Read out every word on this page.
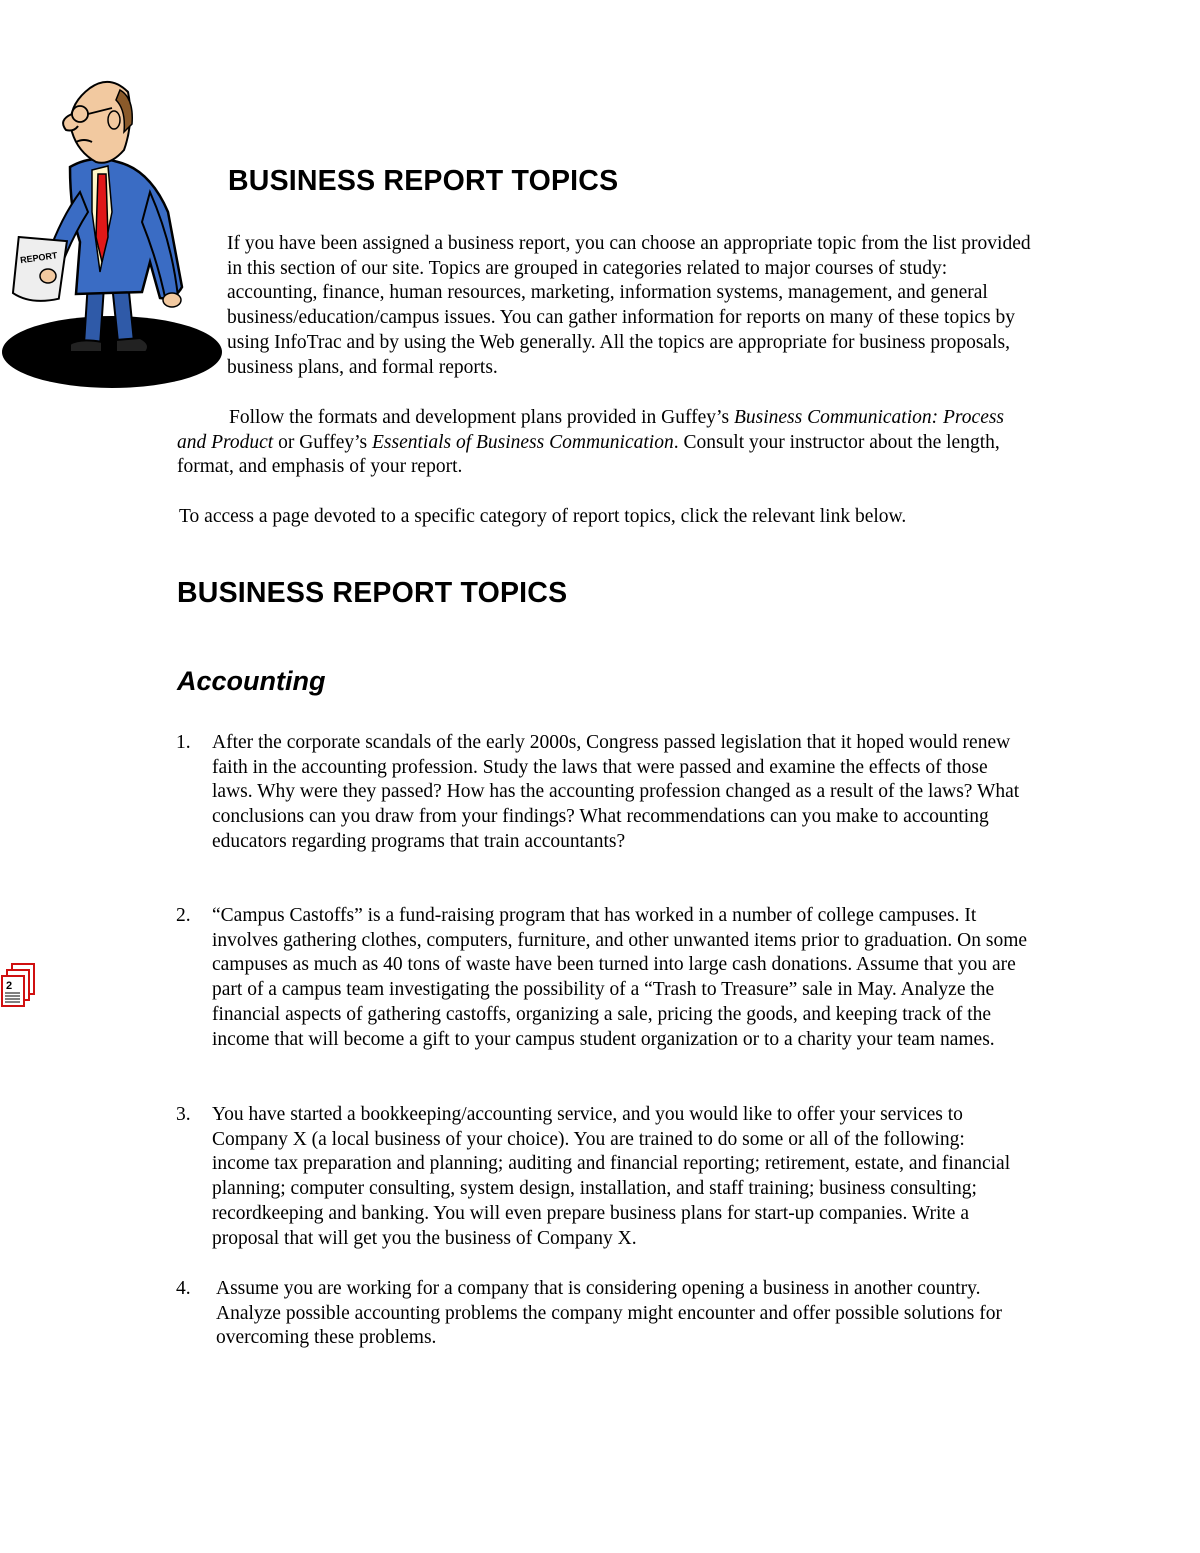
REPORT
BUSINESS REPORT TOPICS

If you have been assigned a business report, you can choose an appropriate topic from the list provided in this section of our site. Topics are grouped in categories related to major courses of study: accounting, finance, human resources, marketing, information systems, management, and general business/education/campus issues. You can gather information for reports on many of these topics by using InfoTrac and by using the Web generally. All the topics are appropriate for business proposals, business plans, and formal reports.

Follow the formats and development plans provided in Guffey’s Business Communication: Process and Product or Guffey’s Essentials of Business Communication. Consult your instructor about the length, format, and emphasis of your report.

To access a page devoted to a specific category of report topics, click the relevant link below.

BUSINESS REPORT TOPICS
Accounting
1. After the corporate scandals of the early 2000s, Congress passed legislation that it hoped would renew faith in the accounting profession. Study the laws that were passed and examine the effects of those laws. Why were they passed? How has the accounting profession changed as a result of the laws? What conclusions can you draw from your findings? What recommendations can you make to accounting educators regarding programs that train accountants?
2. “Campus Castoffs” is a fund-raising program that has worked in a number of college campuses. It involves gathering clothes, computers, furniture, and other unwanted items prior to graduation. On some campuses as much as 40 tons of waste have been turned into large cash donations. Assume that you are part of a campus team investigating the possibility of a “Trash to Treasure” sale in May. Analyze the financial aspects of gathering castoffs, organizing a sale, pricing the goods, and keeping track of the income that will become a gift to your campus student organization or to a charity your team names.
3. You have started a bookkeeping/accounting service, and you would like to offer your services to Company X (a local business of your choice). You are trained to do some or all of the following: income tax preparation and planning; auditing and financial reporting; retirement, estate, and financial planning; computer consulting, system design, installation, and staff training; business consulting; recordkeeping and banking. You will even prepare business plans for start-up companies. Write a proposal that will get you the business of Company X.
4. Assume you are working for a company that is considering opening a business in another country. Analyze possible accounting problems the company might encounter and offer possible solutions for overcoming these problems.
2
